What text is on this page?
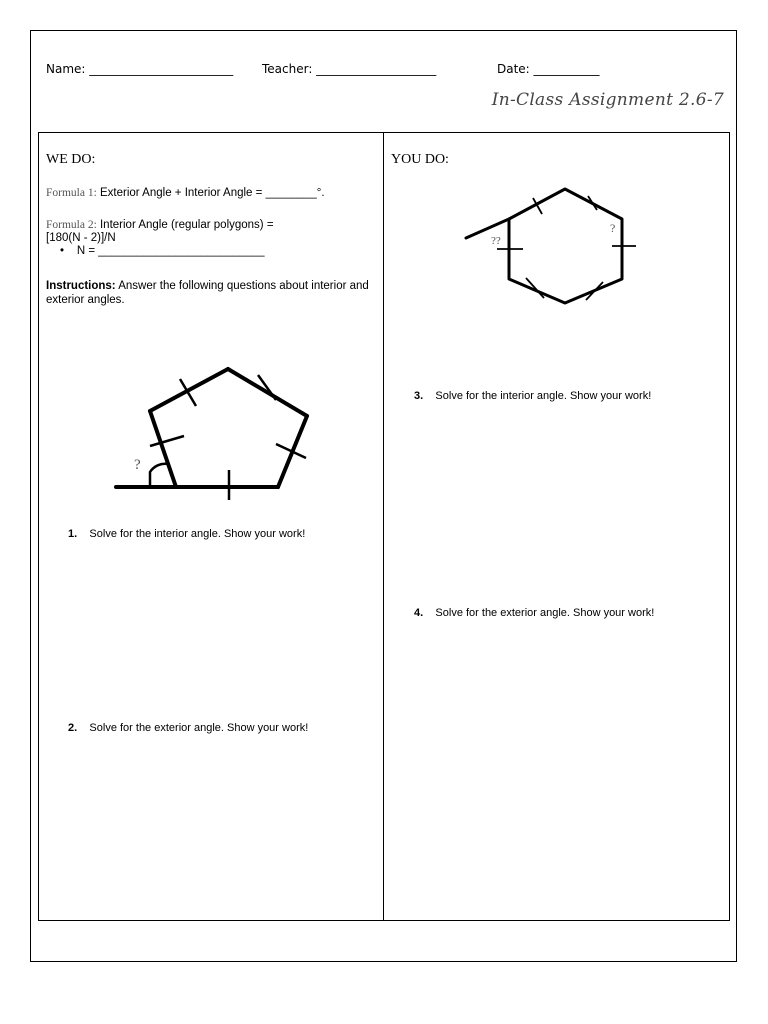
Name: ________________________ Teacher: ____________________	Date: ___________
In-Class Assignment 2.6-7
WE DO:
Formula 1: Exterior Angle + Interior Angle = ________°.
Formula 2: Interior Angle (regular polygons) =
[180(N - 2)]/N
• N = __________________________
Instructions: Answer the following questions about interior and exterior angles.
?
1. Solve for the interior angle. Show your work!
2. Solve for the exterior angle. Show your work!
YOU DO:
??
?
3. Solve for the interior angle. Show your work!
4. Solve for the exterior angle. Show your work!
